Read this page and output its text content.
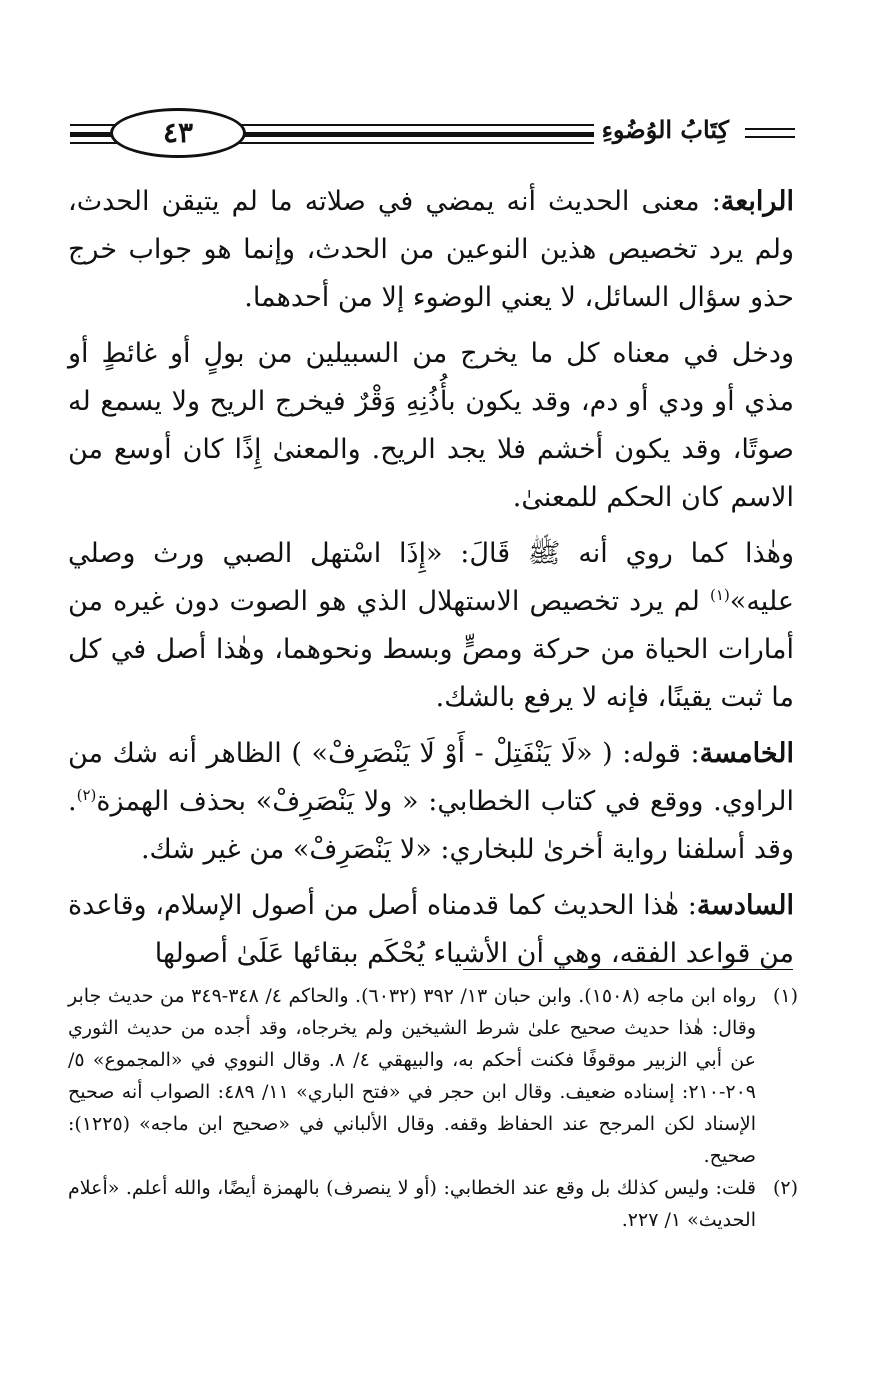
٤٣	كِتَابُ الوُضُوءِ

الرابعة: معنى الحديث أنه يمضي في صلاته ما لم يتيقن الحدث، ولم يرد تخصيص هذين النوعين من الحدث، وإنما هو جواب خرج حذو سؤال السائل، لا يعني الوضوء إلا من أحدهما.

ودخل في معناه كل ما يخرج من السبيلين من بولٍ أو غائطٍ أو مذي أو ودي أو دم، وقد يكون بأُذُنِهِ وَقْرٌ فيخرج الريح ولا يسمع له صوتًا، وقد يكون أخشم فلا يجد الريح. والمعنىٰ إِذًا كان أوسع من الاسم كان الحكم للمعنىٰ.

وهٰذا كما روي أنه ﷺ قَالَ: «إِذَا اسْتهل الصبي ورث وصلي عليه»$^{(١)}$ لم يرد تخصيص الاستهلال الذي هو الصوت دون غيره من أمارات الحياة من حركة ومصٍّ وبسط ونحوهما، وهٰذا أصل في كل ما ثبت يقينًا، فإنه لا يرفع بالشك.

الخامسة: قوله: ( «لَا يَنْفَتِلْ - أَوْ لَا يَنْصَرِفْ» ) الظاهر أنه شك من الراوي. ووقع في كتاب الخطابي: « ولا يَنْصَرِفْ» بحذف الهمزة$^{(٢)}$. وقد أسلفنا رواية أخرىٰ للبخاري: «لا يَنْصَرِفْ» من غير شك.

السادسة: هٰذا الحديث كما قدمناه أصل من أصول الإسلام، وقاعدة من قواعد الفقه، وهي أن الأشياء يُحْكَم ببقائها عَلَىٰ أصولها

(١)
رواه ابن ماجه (١٥٠٨). وابن حبان ١٣/ ٣٩٢ (٦٠٣٢). والحاكم ٤/ ٣٤٨-٣٤٩ من حديث جابر وقال: هٰذا حديث صحيح علىٰ شرط الشيخين ولم يخرجاه، وقد أجده من حديث الثوري عن أبي الزبير موقوفًا فكنت أحكم به، والبيهقي ٤/ ٨. وقال النووي في «المجموع» ٥/ ٢٠٩-٢١٠: إسناده ضعيف. وقال ابن حجر في «فتح الباري» ١١/ ٤٨٩: الصواب أنه صحيح الإسناد لكن المرجح عند الحفاظ وقفه. وقال الألباني في «صحيح ابن ماجه» (١٢٢٥): صحيح.
(٢)
قلت: وليس كذلك بل وقع عند الخطابي: (أو لا ينصرف) بالهمزة أيضًا، والله أعلم. «أعلام الحديث» ١/ ٢٢٧.
